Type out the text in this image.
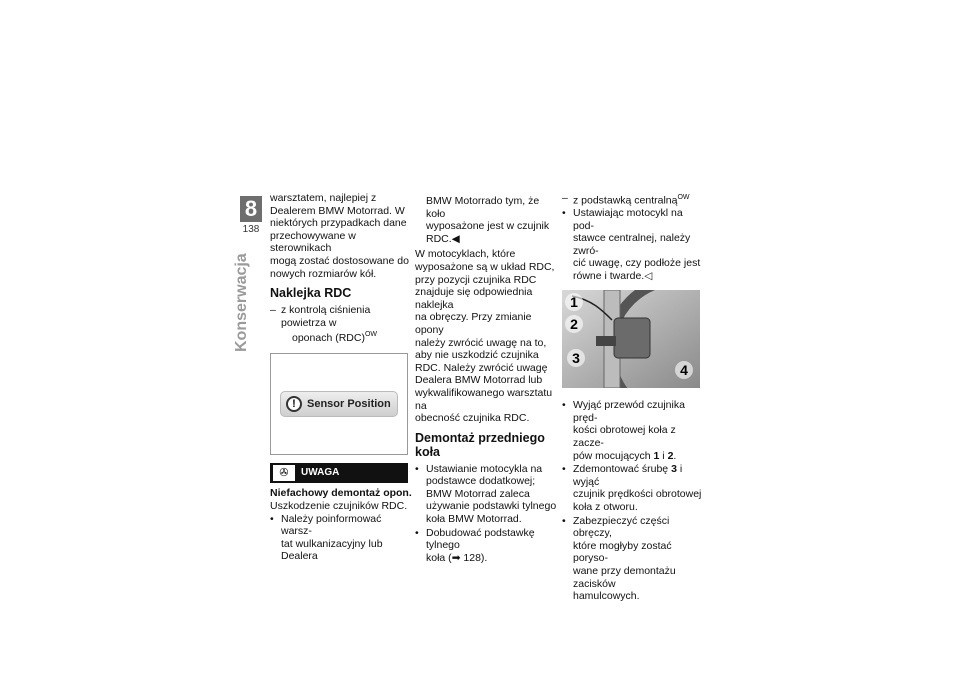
8
138
Konserwacja

warsztatem, najlepiej z
Dealerem BMW Motorrad. W
niektórych przypadkach dane
przechowywane w sterownikach
mogą zostać dostosowane do
nowych rozmiarów kół.

Naklejka RDC
– z kontrolą ciśnienia powietrza w
oponach (RDC)$^{OW}$
!	Sensor Position
✇	UWAGA
Niefachowy demontaż opon.
Uszkodzenie czujników RDC.
• Należy poinformować warsz-
tat wulkanizacyjny lub Dealera

BMW Motorrado tym, że koło
wyposażone jest w czujnik
RDC.◀

W motocyklach, które
wyposażone są w układ RDC,
przy pozycji czujnika RDC
znajduje się odpowiednia naklejka
na obręczy. Przy zmianie opony
należy zwrócić uwagę na to,
aby nie uszkodzić czujnika
RDC. Należy zwrócić uwagę
Dealera BMW Motorrad lub
wykwalifikowanego warsztatu na
obecność czujnika RDC.

Demontaż przedniego
koła
• Ustawianie motocykla na
podstawce dodatkowej;
BMW Motorrad zaleca
używanie podstawki tylnego
koła BMW Motorrad.
• Dobudować podstawkę tylnego
koła (➡ 128).
– z podstawką centralną$^{OW}$
• Ustawiając motocykl na pod-
stawce centralnej, należy zwró-
cić uwagę, czy podłoże jest
równe i twarde.◁
1
2
3
4
• Wyjąć przewód czujnika pręd-
kości obrotowej koła z zacze-
pów mocujących 1 i 2.
• Zdemontować śrubę 3 i wyjąć
czujnik prędkości obrotowej
koła z otworu.
• Zabezpieczyć części obręczy,
które mogłyby zostać poryso-
wane przy demontażu zacisków
hamulcowych.
